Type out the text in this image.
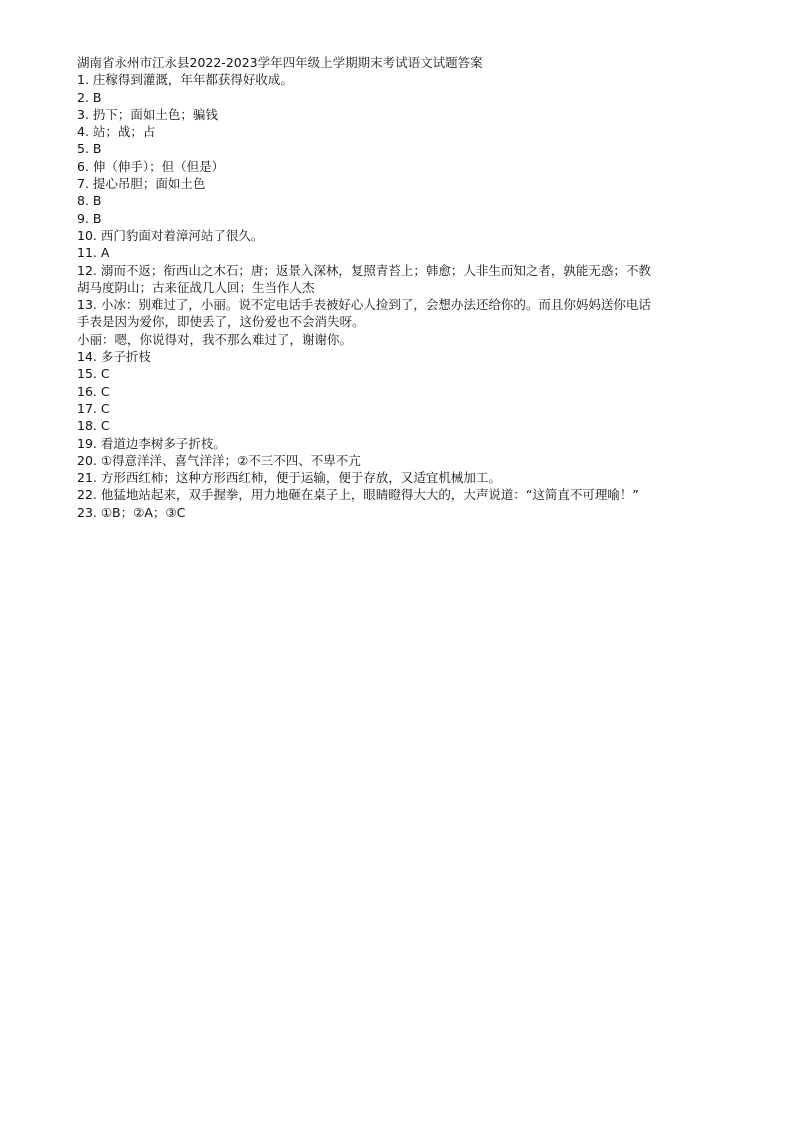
湖南省永州市江永县2022-2023学年四年级上学期期末考试语文试题答案
1. 庄稼得到灌溉，年年都获得好收成。
2. B
3. 扔下；面如土色；骗钱
4. 站；战；占
5. B
6. 伸（伸手）；但（但是）
7. 提心吊胆；面如土色
8. B
9. B
10. 西门豹面对着漳河站了很久。
11. A
12. 溺而不返；衔西山之木石；唐；返景入深林，复照青苔上；韩愈；人非生而知之者，孰能无惑；不教
胡马度阴山；古来征战几人回；生当作人杰
13. 小冰：别难过了，小丽。说不定电话手表被好心人捡到了，会想办法还给你的。而且你妈妈送你电话
手表是因为爱你，即使丢了，这份爱也不会消失呀。
小丽：嗯，你说得对，我不那么难过了，谢谢你。
14. 多子折枝
15. C
16. C
17. C
18. C
19. 看道边李树多子折枝。
20. ①得意洋洋、喜气洋洋；②不三不四、不卑不亢
21. 方形西红柿；这种方形西红柿，便于运输，便于存放，又适宜机械加工。
22. 他猛地站起来，双手握拳，用力地砸在桌子上，眼睛瞪得大大的，大声说道：“这简直不可理喻！”
23. ①B；②A；③C
